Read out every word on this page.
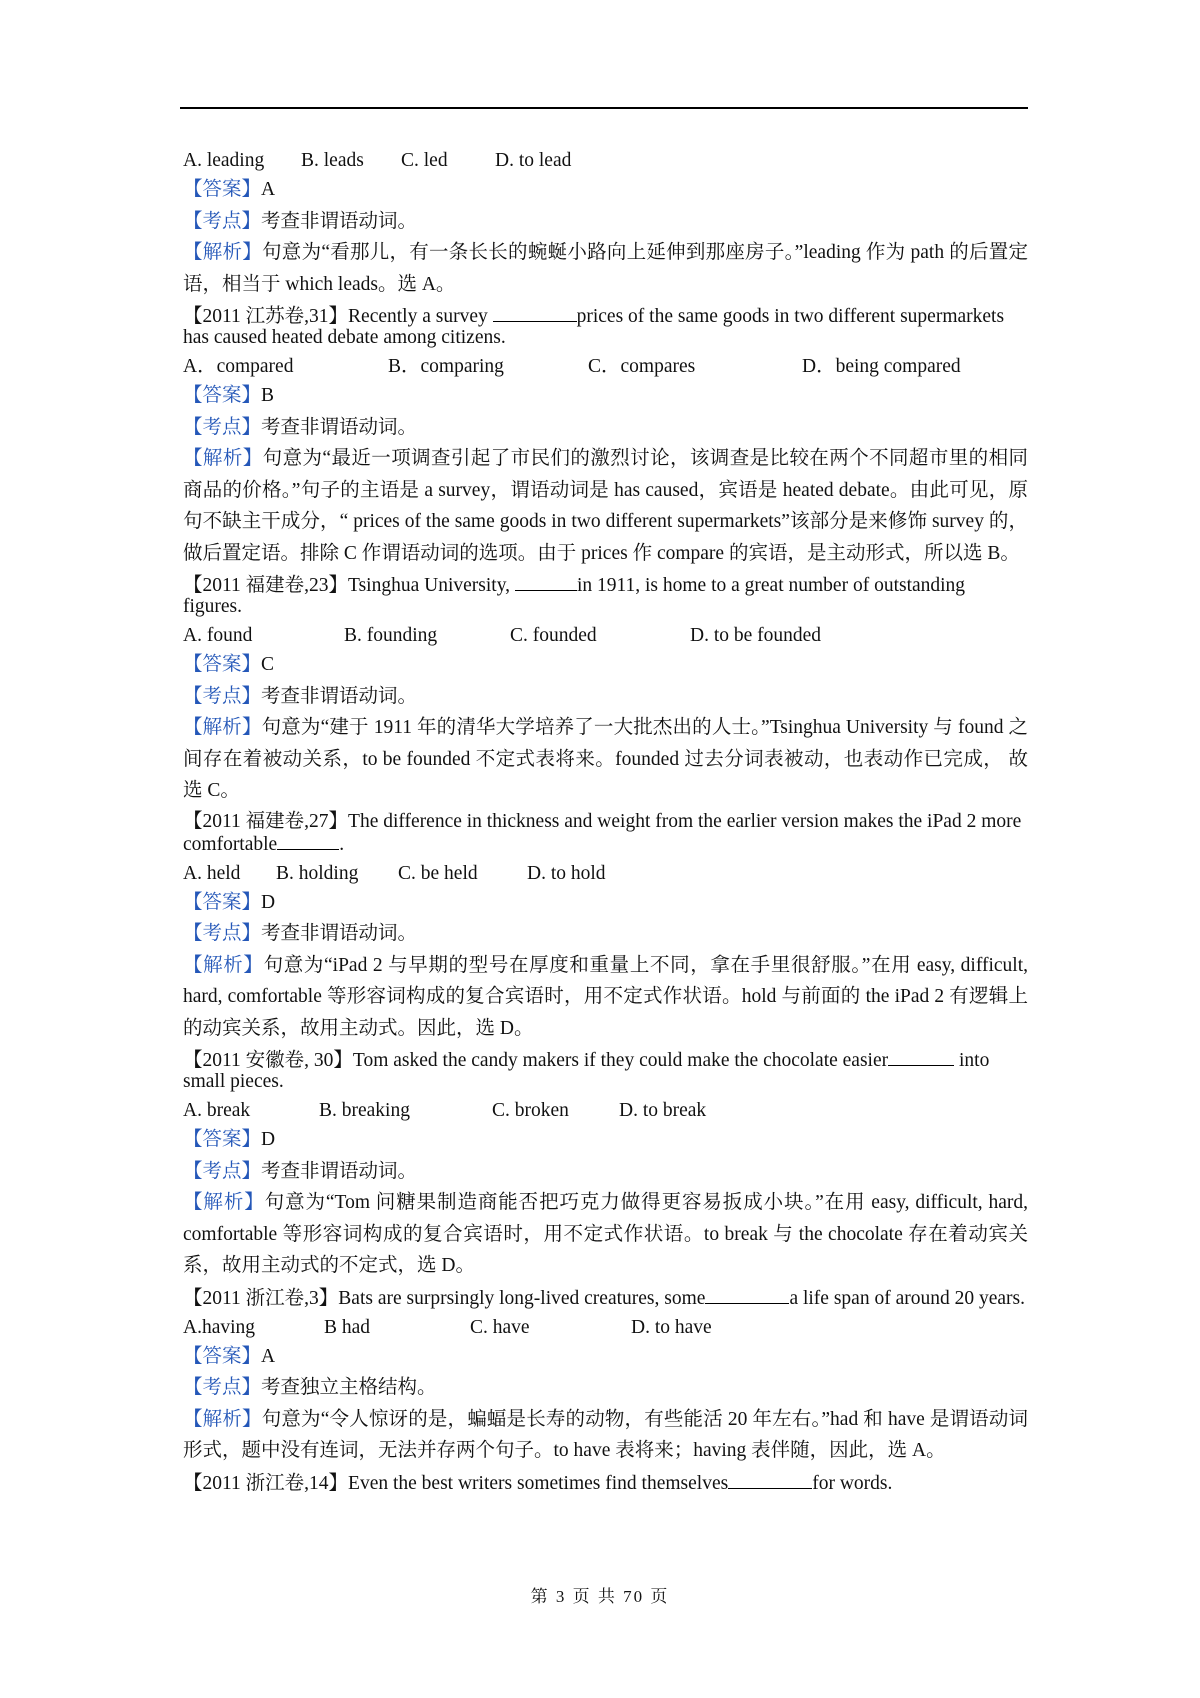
A. leading	B. leads	C. led	D. to lead
【答案】A
【考点】考查非谓语动词。
【解析】句意为“看那儿，有一条长长的蜿蜒小路向上延伸到那座房子。”leading 作为 path 的后置定语，相当于 which leads。选 A。
【2011 江苏卷,31】Recently a survey	prices of the same goods in two different supermarkets has caused heated debate among citizens.
A．compared	B．comparing	C．compares	D．being compared
【答案】B
【考点】考查非谓语动词。
【解析】句意为“最近一项调查引起了市民们的激烈讨论，该调查是比较在两个不同超市里的相同商品的价格。”句子的主语是 a survey，谓语动词是 has caused，宾语是 heated debate。由此可见，原句不缺主干成分，“ prices of the same goods in two different supermarkets”该部分是来修饰 survey 的，做后置定语。排除 C 作谓语动词的选项。由于 prices 作 compare 的宾语，是主动形式，所以选 B。
【2011 福建卷,23】Tsinghua University,	in 1911, is home to a great number of outstanding figures.
A. found	B. founding	C. founded	D. to be founded
【答案】C
【考点】考查非谓语动词。
【解析】句意为“建于 1911 年的清华大学培养了一大批杰出的人士。”Tsinghua University 与 found 之间存在着被动关系，to be founded 不定式表将来。founded 过去分词表被动，也表动作已完成， 故选 C。
【2011 福建卷,27】The difference in thickness and weight from the earlier version makes the iPad 2 more comfortable	.
A. held	B. holding	C. be held	D. to hold
【答案】D
【考点】考查非谓语动词。
【解析】句意为“iPad 2 与早期的型号在厚度和重量上不同，拿在手里很舒服。”在用 easy, difficult, hard, comfortable 等形容词构成的复合宾语时，用不定式作状语。hold 与前面的 the iPad 2 有逻辑上的动宾关系，故用主动式。因此，选 D。
【2011 安徽卷, 30】Tom asked the candy makers if they could make the chocolate easier	into small pieces.
A. break	B. breaking	C. broken	D. to break
【答案】D
【考点】考查非谓语动词。
【解析】句意为“Tom 问糖果制造商能否把巧克力做得更容易扳成小块。”在用 easy, difficult, hard, comfortable 等形容词构成的复合宾语时，用不定式作状语。to break 与 the chocolate 存在着动宾关系，故用主动式的不定式，选 D。
【2011 浙江卷,3】Bats are surprsingly long-lived creatures, some	a life span of around 20 years.
A.having	B had	C. have	D. to have
【答案】A
【考点】考查独立主格结构。
【解析】句意为“令人惊讶的是，蝙蝠是长寿的动物，有些能活 20 年左右。”had 和 have 是谓语动词形式，题中没有连词，无法并存两个句子。to have 表将来；having 表伴随，因此，选 A。
【2011 浙江卷,14】Even the best writers sometimes find themselves	for words.
第 3 页 共 70 页
